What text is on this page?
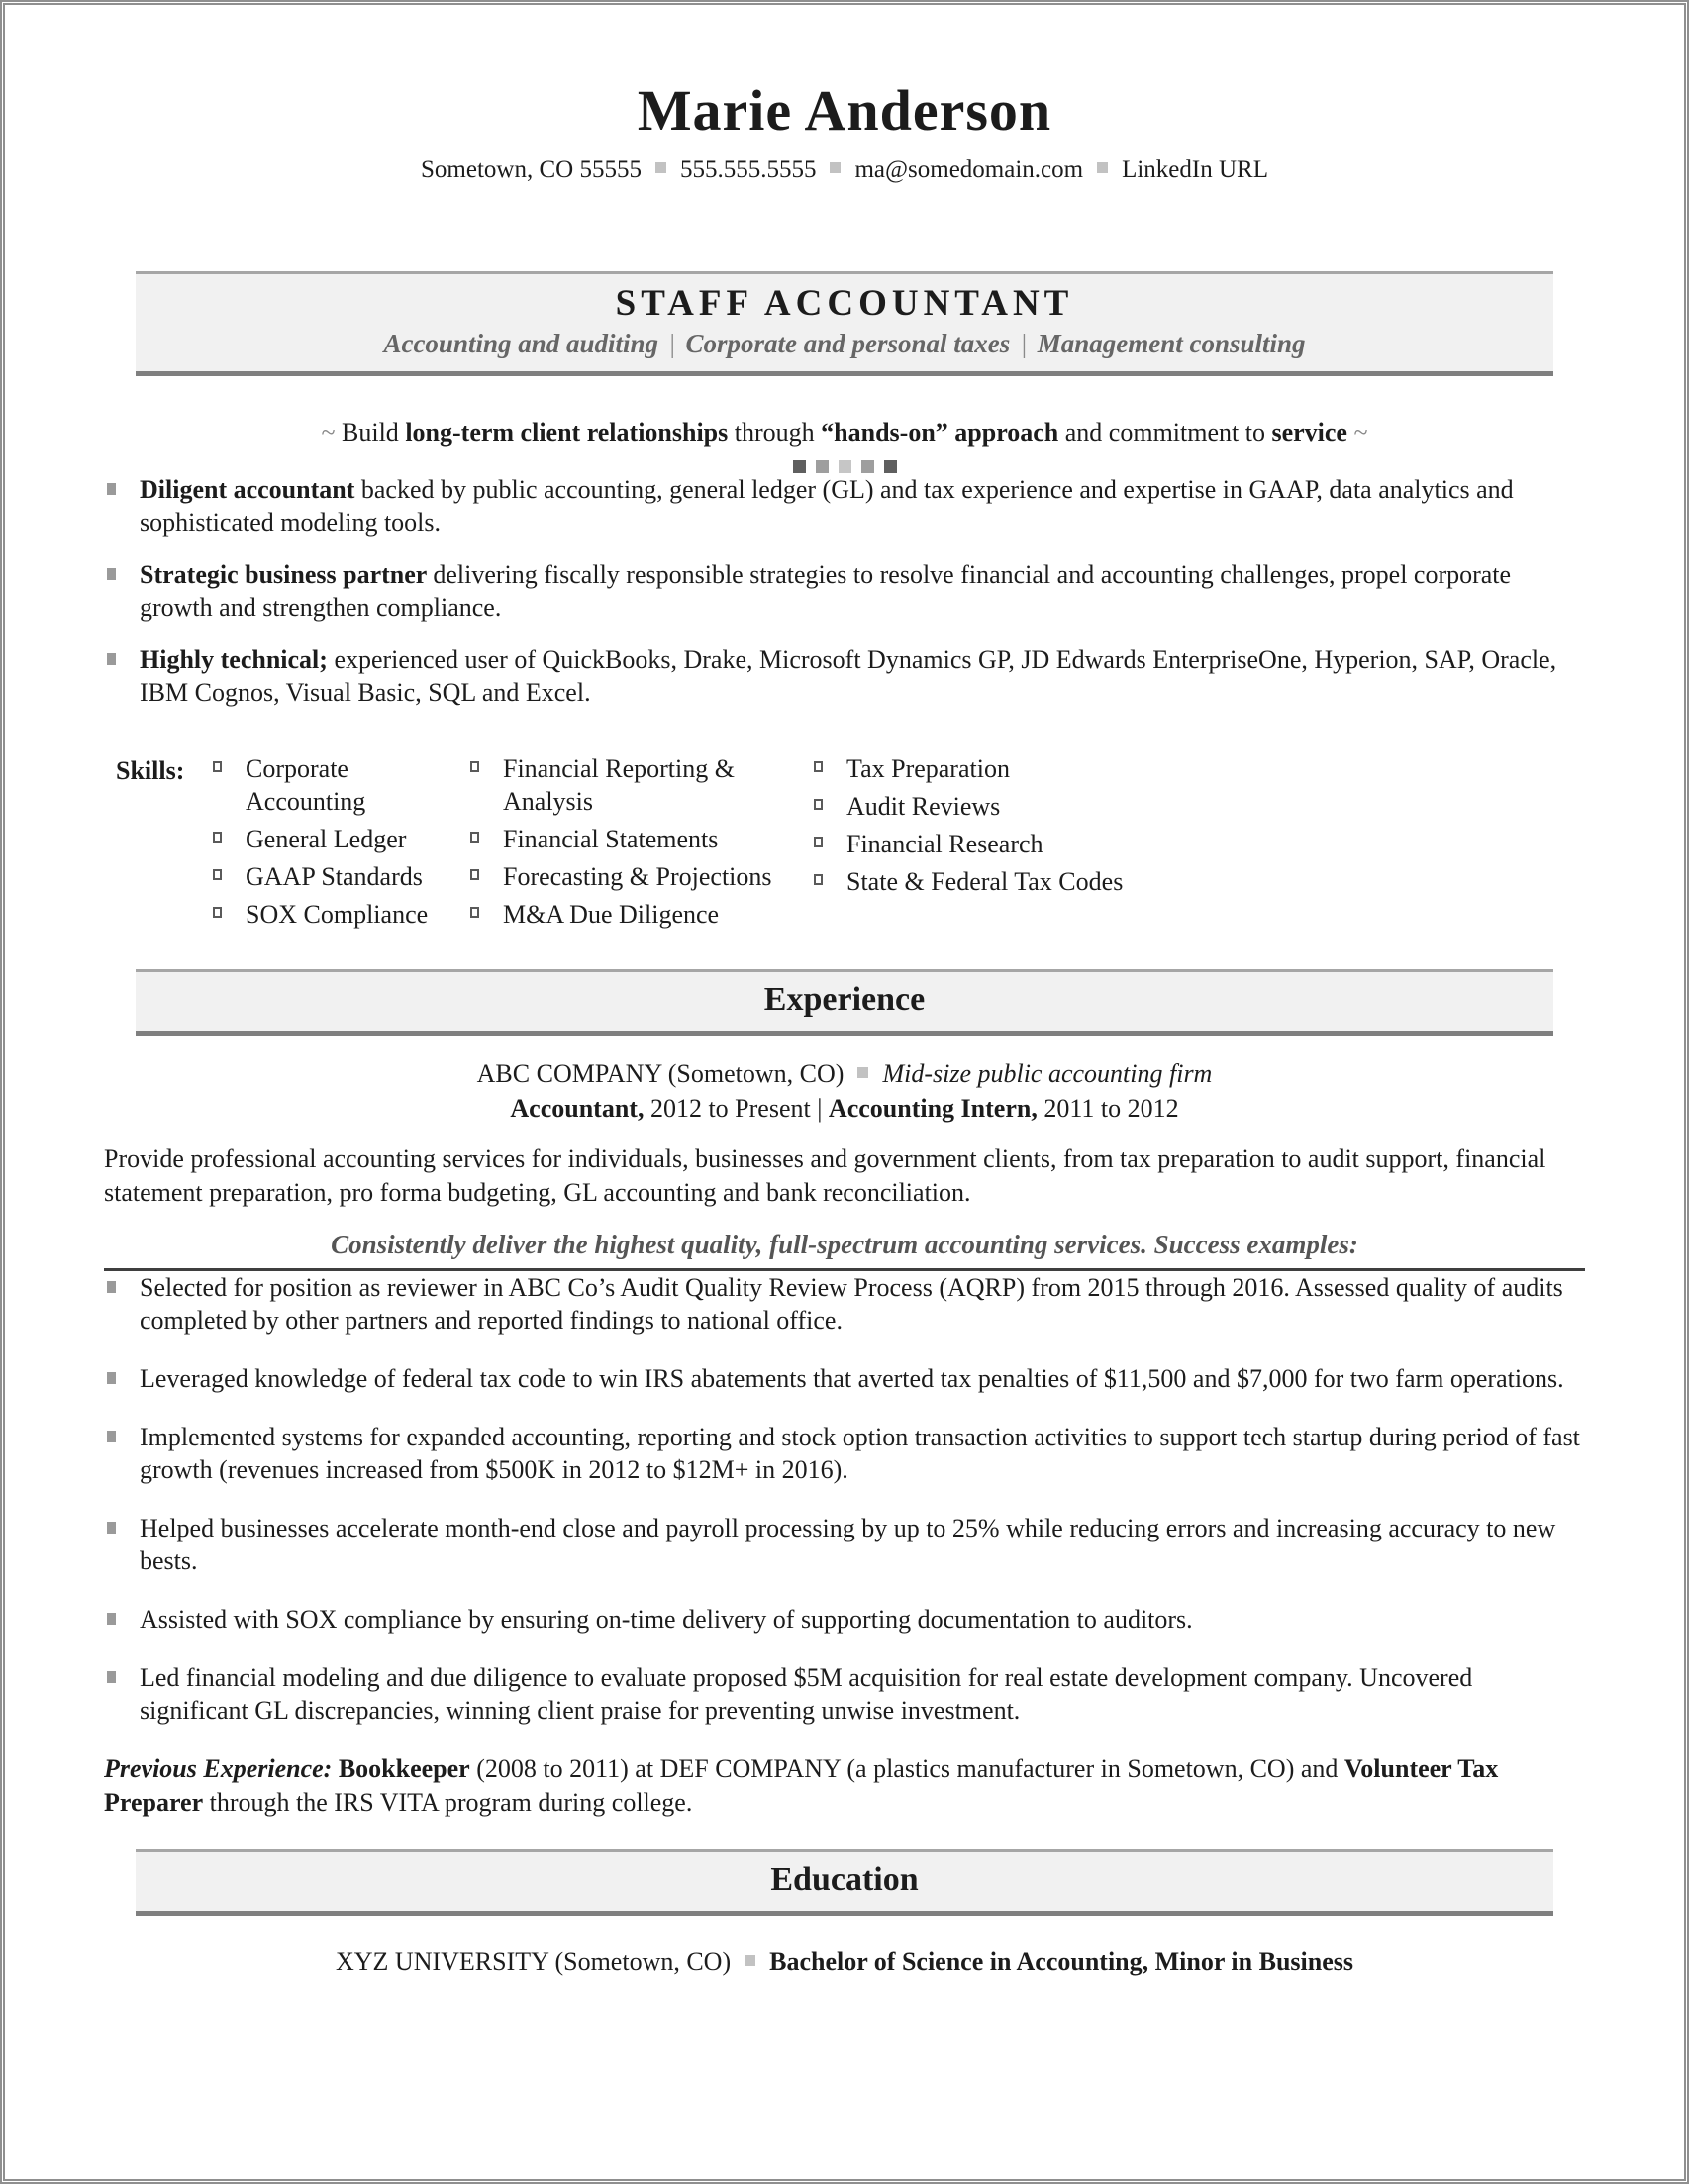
Marie Anderson
Sometown, CO 55555 555.555.5555 ma@somedomain.com LinkedIn URL
STAFF ACCOUNTANT
Accounting and auditing | Corporate and personal taxes | Management consulting
~ Build long-term client relationships through “hands-on” approach and commitment to service ~
Diligent accountant backed by public accounting, general ledger (GL) and tax experience and expertise in GAAP, data analytics and sophisticated modeling tools.
Strategic business partner delivering fiscally responsible strategies to resolve financial and accounting challenges, propel corporate growth and strengthen compliance.
Highly technical; experienced user of QuickBooks, Drake, Microsoft Dynamics GP, JD Edwards EnterpriseOne, Hyperion, SAP, Oracle, IBM Cognos, Visual Basic, SQL and Excel.
Skills:	Corporate Accounting
General Ledger
GAAP Standards
SOX Compliance
Financial Reporting & Analysis
Financial Statements
Forecasting & Projections
M&A Due Diligence
Tax Preparation
Audit Reviews
Financial Research
State & Federal Tax Codes
Experience
ABC COMPANY (Sometown, CO) Mid-size public accounting firm
Accountant, 2012 to Present | Accounting Intern, 2011 to 2012
Provide professional accounting services for individuals, businesses and government clients, from tax preparation to audit support, financial statement preparation, pro forma budgeting, GL accounting and bank reconciliation.
Consistently deliver the highest quality, full-spectrum accounting services. Success examples:
Selected for position as reviewer in ABC Co’s Audit Quality Review Process (AQRP) from 2015 through 2016. Assessed quality of audits completed by other partners and reported findings to national office.
Leveraged knowledge of federal tax code to win IRS abatements that averted tax penalties of $11,500 and $7,000 for two farm operations.
Implemented systems for expanded accounting, reporting and stock option transaction activities to support tech startup during period of fast growth (revenues increased from $500K in 2012 to $12M+ in 2016).
Helped businesses accelerate month-end close and payroll processing by up to 25% while reducing errors and increasing accuracy to new bests.
Assisted with SOX compliance by ensuring on-time delivery of supporting documentation to auditors.
Led financial modeling and due diligence to evaluate proposed $5M acquisition for real estate development company. Uncovered significant GL discrepancies, winning client praise for preventing unwise investment.
Previous Experience: Bookkeeper (2008 to 2011) at DEF COMPANY (a plastics manufacturer in Sometown, CO) and Volunteer Tax Preparer through the IRS VITA program during college.
Education
XYZ UNIVERSITY (Sometown, CO) Bachelor of Science in Accounting, Minor in Business
